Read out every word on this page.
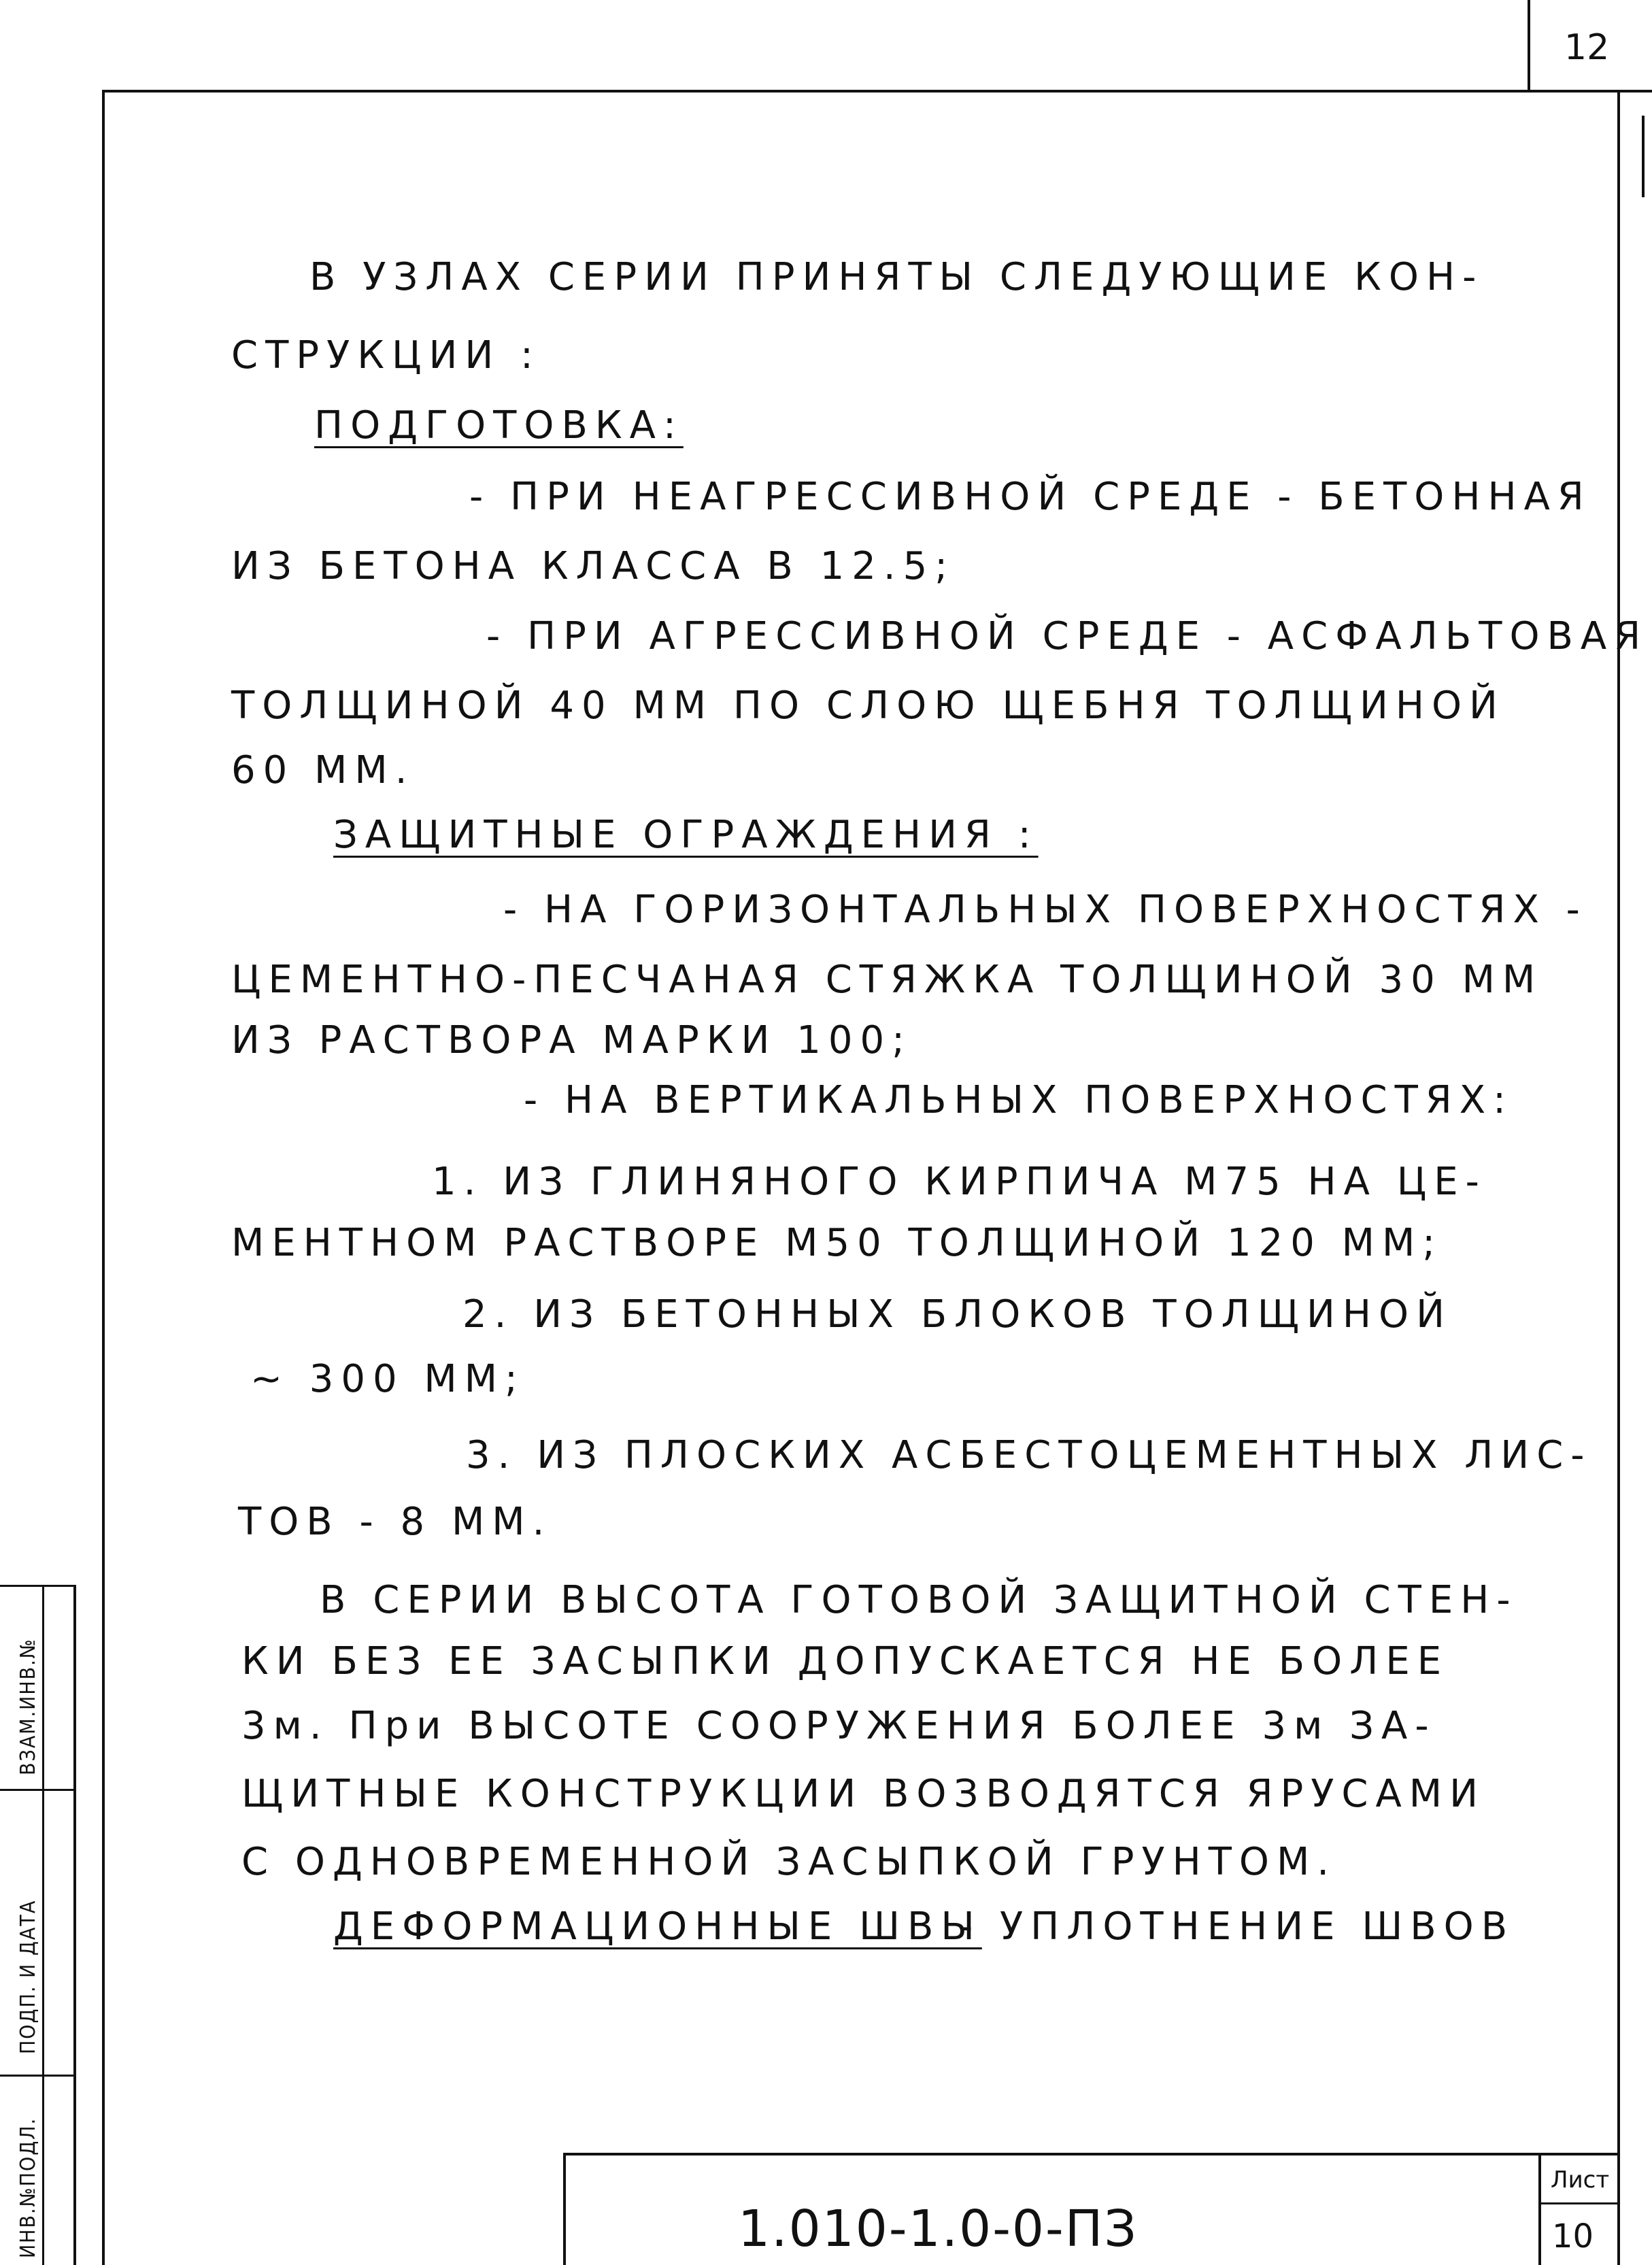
12
В УЗЛАХ СЕРИИ ПРИНЯТЫ СЛЕДУЮЩИЕ КОН-
СТРУКЦИИ :
ПОДГОТОВКА:
- ПРИ НЕАГРЕССИВНОЙ СРЕДЕ - БЕТОННАЯ
ИЗ БЕТОНА КЛАССА В 12.5;
- ПРИ АГРЕССИВНОЙ СРЕДЕ - АСФАЛЬТОВАЯ
ТОЛЩИНОЙ 40 ММ ПО СЛОЮ ЩЕБНЯ ТОЛЩИНОЙ
60 ММ.
ЗАЩИТНЫЕ ОГРАЖДЕНИЯ :
- НА ГОРИЗОНТАЛЬНЫХ ПОВЕРХНОСТЯХ -
ЦЕМЕНТНО-ПЕСЧАНАЯ СТЯЖКА ТОЛЩИНОЙ 30 ММ
ИЗ РАСТВОРА МАРКИ 100;
- НА ВЕРТИКАЛЬНЫХ ПОВЕРХНОСТЯХ:
1. ИЗ ГЛИНЯНОГО КИРПИЧА М75 НА ЦЕ-
МЕНТНОМ РАСТВОРЕ М50 ТОЛЩИНОЙ 120 ММ;
2. ИЗ БЕТОННЫХ БЛОКОВ ТОЛЩИНОЙ
~ 300 ММ;
3. ИЗ ПЛОСКИХ АСБЕСТОЦЕМЕНТНЫХ ЛИС-
ТОВ - 8 ММ.
В СЕРИИ ВЫСОТА ГОТОВОЙ ЗАЩИТНОЙ СТЕН-
КИ БЕЗ ЕЕ ЗАСЫПКИ ДОПУСКАЕТСЯ НЕ БОЛЕЕ
3м. При ВЫСОТЕ СООРУЖЕНИЯ БОЛЕЕ 3м ЗА-
ЩИТНЫЕ КОНСТРУКЦИИ ВОЗВОДЯТСЯ ЯРУСАМИ
С ОДНОВРЕМЕННОЙ ЗАСЫПКОЙ ГРУНТОМ.
ДЕФОРМАЦИОННЫЕ ШВЫ
- УПЛОТНЕНИЕ ШВОВ
ВЗАМ.ИНВ.№
ПОДП. И ДАТА
ИНВ.№ПОДЛ.	Лист
10
1.010-1.0-0-ПЗ
